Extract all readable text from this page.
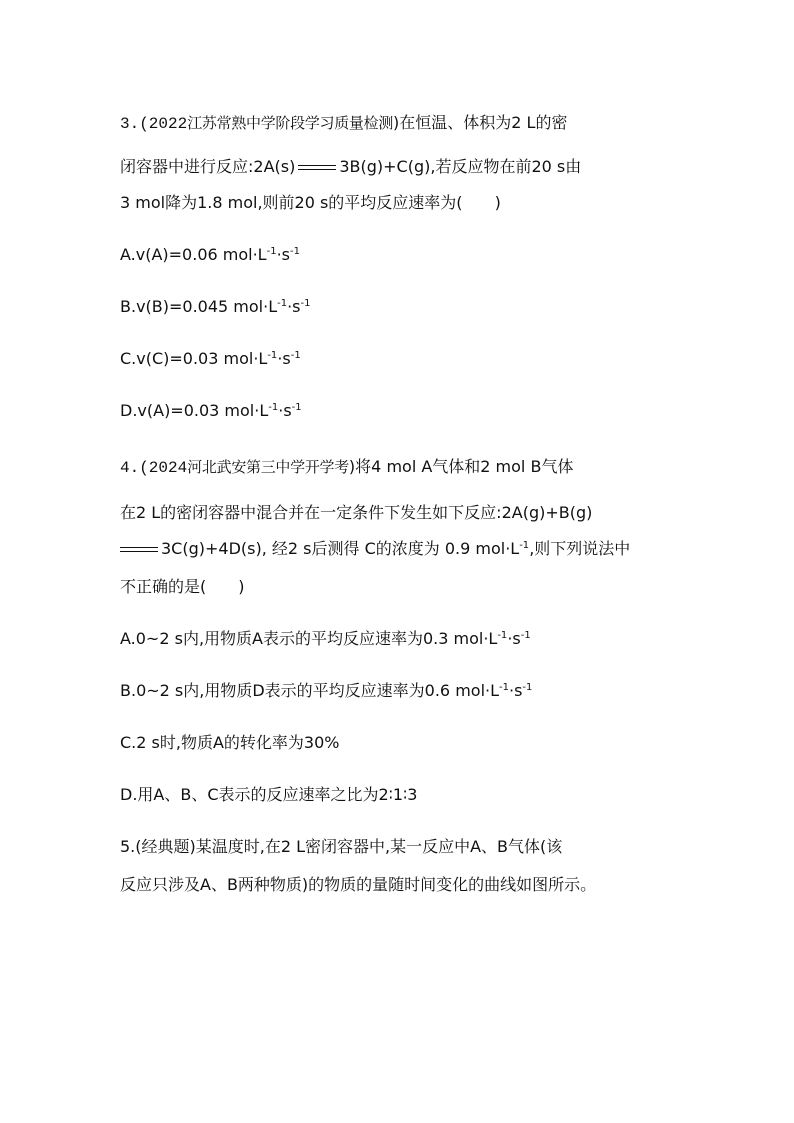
3.(2022江苏常熟中学阶段学习质量检测)在恒温、体积为2 L的密
闭容器中进行反应:2A(s)	3B(g)+C(g),若反应物在前20 s由
3 mol降为1.8 mol,则前20 s的平均反应速率为( )
A.v(A)=0.06 $mol\cdot L^{-1}\cdot s^{-1}$
B.v(B)=0.045 $mol\cdot L^{-1}\cdot s^{-1}$
C.v(C)=0.03 $mol\cdot L^{-1}\cdot s^{-1}$
D.v(A)=0.03 $mol\cdot L^{-1}\cdot s^{-1}$
4.(2024河北武安第三中学开学考)将4 mol A气体和2 mol B气体
在2 L的密闭容器中混合并在一定条件下发生如下反应:2A(g)+B(g)
3C(g)+4D(s), 经2 s后测得 C的浓度为 0.9 $mol\cdot L^{-1}$,则下列说法中
不正确的是( )
A.0~2 s内,用物质A表示的平均反应速率为0.3 $mol\cdot L^{-1}\cdot s^{-1}$
B.0~2 s内,用物质D表示的平均反应速率为0.6 $mol\cdot L^{-1}\cdot s^{-1}$
C.2 s时,物质A的转化率为30%
D.用A、B、C表示的反应速率之比为2∶1∶3
5.(经典题)某温度时,在2 L密闭容器中,某一反应中A、B气体(该
反应只涉及A、B两种物质)的物质的量随时间变化的曲线如图所示。
